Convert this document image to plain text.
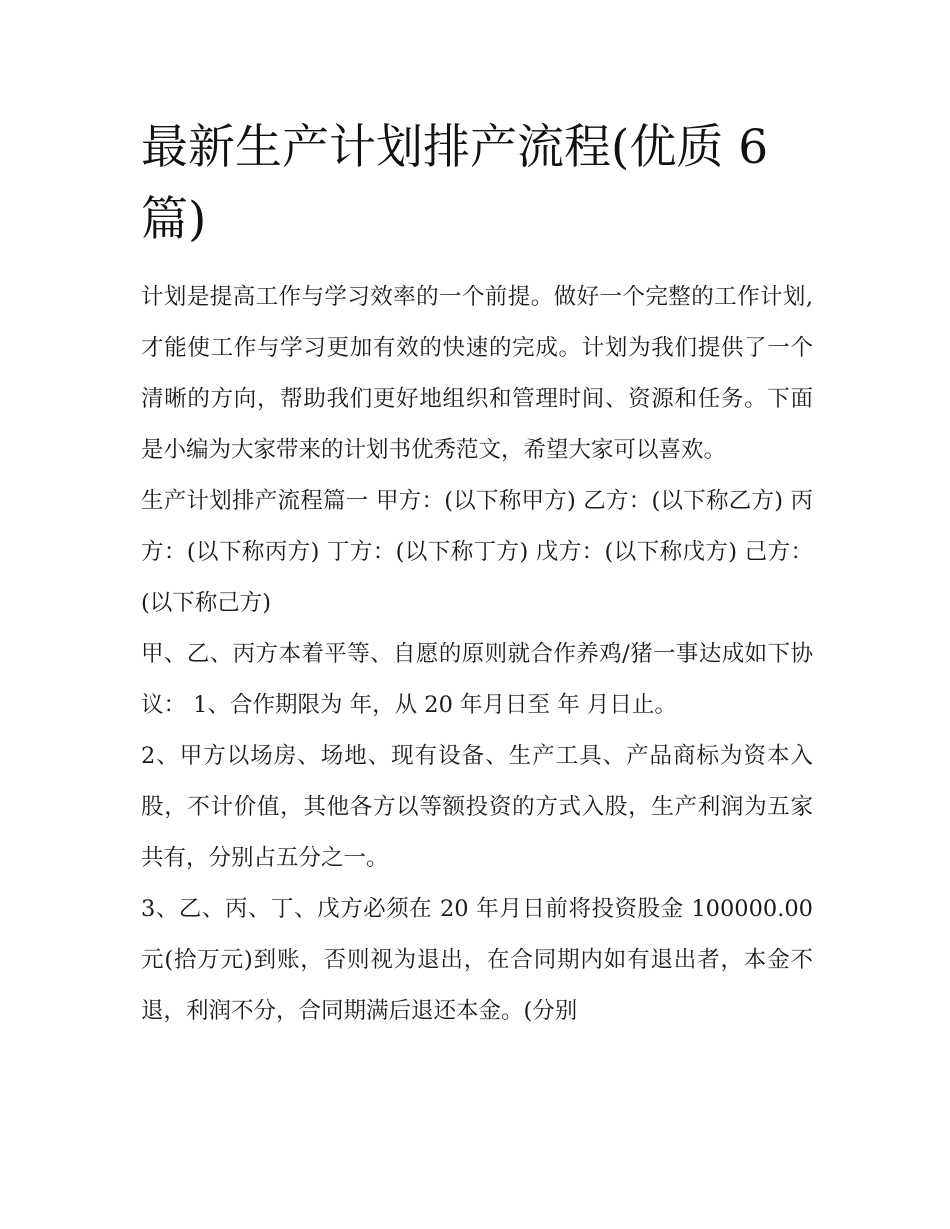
最新生产计划排产流程(优质 6 篇)

计划是提高工作与学习效率的一个前提。做好一个完整的工作计划,才能使工作与学习更加有效的快速的完成。计划为我们提供了一个清晰的方向，帮助我们更好地组织和管理时间、资源和任务。下面是小编为大家带来的计划书优秀范文，希望大家可以喜欢。

生产计划排产流程篇一 甲方：(以下称甲方) 乙方：(以下称乙方) 丙方：(以下称丙方) 丁方：(以下称丁方) 戊方：(以下称戊方) 己方：(以下称己方)

甲、乙、丙方本着平等、自愿的原则就合作养鸡/猪一事达成如下协议： 1、合作期限为 年，从 20 年月日至 年 月日止。

2、甲方以场房、场地、现有设备、生产工具、产品商标为资本入股，不计价值，其他各方以等额投资的方式入股，生产利润为五家共有，分别占五分之一。

3、乙、丙、丁、戊方必须在 20 年月日前将投资股金 100000.00 元(拾万元)到账，否则视为退出，在合同期内如有退出者，本金不退，利润不分，合同期满后退还本金。(分别
